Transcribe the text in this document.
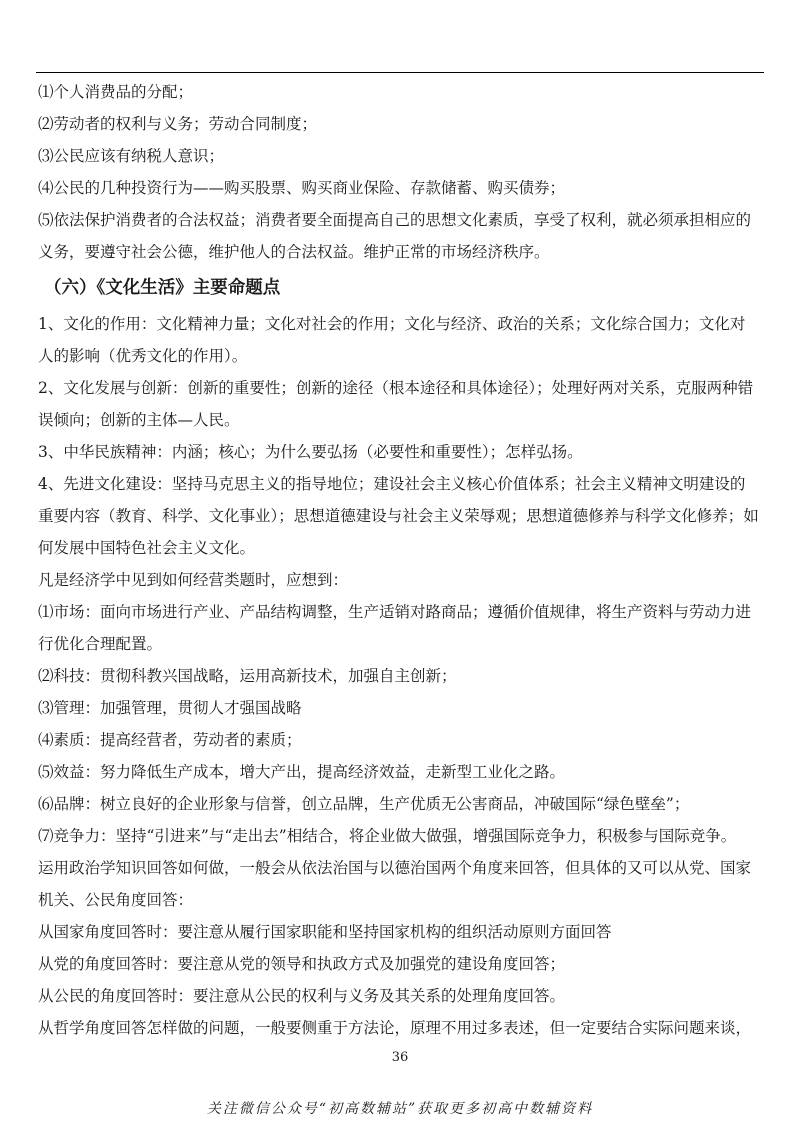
⑴个人消费品的分配；

⑵劳动者的权利与义务；劳动合同制度；

⑶公民应该有纳税人意识；

⑷公民的几种投资行为——购买股票、购买商业保险、存款储蓄、购买债券；

⑸依法保护消费者的合法权益；消费者要全面提高自己的思想文化素质，享受了权利，就必须承担相应的义务，要遵守社会公德，维护他人的合法权益。维护正常的市场经济秩序。

（六）《文化生活》主要命题点

1、文化的作用：文化精神力量；文化对社会的作用；文化与经济、政治的关系；文化综合国力；文化对人的影响（优秀文化的作用）。

2、文化发展与创新：创新的重要性；创新的途径（根本途径和具体途径）；处理好两对关系，克服两种错误倾向；创新的主体—人民。

3、中华民族精神：内涵；核心；为什么要弘扬（必要性和重要性）；怎样弘扬。

4、先进文化建设：坚持马克思主义的指导地位；建设社会主义核心价值体系；社会主义精神文明建设的重要内容（教育、科学、文化事业）；思想道德建设与社会主义荣辱观；思想道德修养与科学文化修养；如何发展中国特色社会主义文化。

凡是经济学中见到如何经营类题时，应想到：

⑴市场：面向市场进行产业、产品结构调整，生产适销对路商品；遵循价值规律，将生产资料与劳动力进行优化合理配置。

⑵科技：贯彻科教兴国战略，运用高新技术，加强自主创新；

⑶管理：加强管理，贯彻人才强国战略

⑷素质：提高经营者，劳动者的素质；

⑸效益：努力降低生产成本，增大产出，提高经济效益，走新型工业化之路。

⑹品牌：树立良好的企业形象与信誉，创立品牌，生产优质无公害商品，冲破国际“绿色壁垒”；

⑺竞争力：坚持“引进来”与“走出去”相结合，将企业做大做强，增强国际竞争力，积极参与国际竞争。

运用政治学知识回答如何做，一般会从依法治国与以德治国两个角度来回答，但具体的又可以从党、国家机关、公民角度回答：

从国家角度回答时：要注意从履行国家职能和坚持国家机构的组织活动原则方面回答

从党的角度回答时：要注意从党的领导和执政方式及加强党的建设角度回答；

从公民的角度回答时：要注意从公民的权利与义务及其关系的处理角度回答。

从哲学角度回答怎样做的问题，一般要侧重于方法论，原理不用过多表述，但一定要结合实际问题来谈，

36
关注微信公众号“初高数辅站”获取更多初高中数辅资料
